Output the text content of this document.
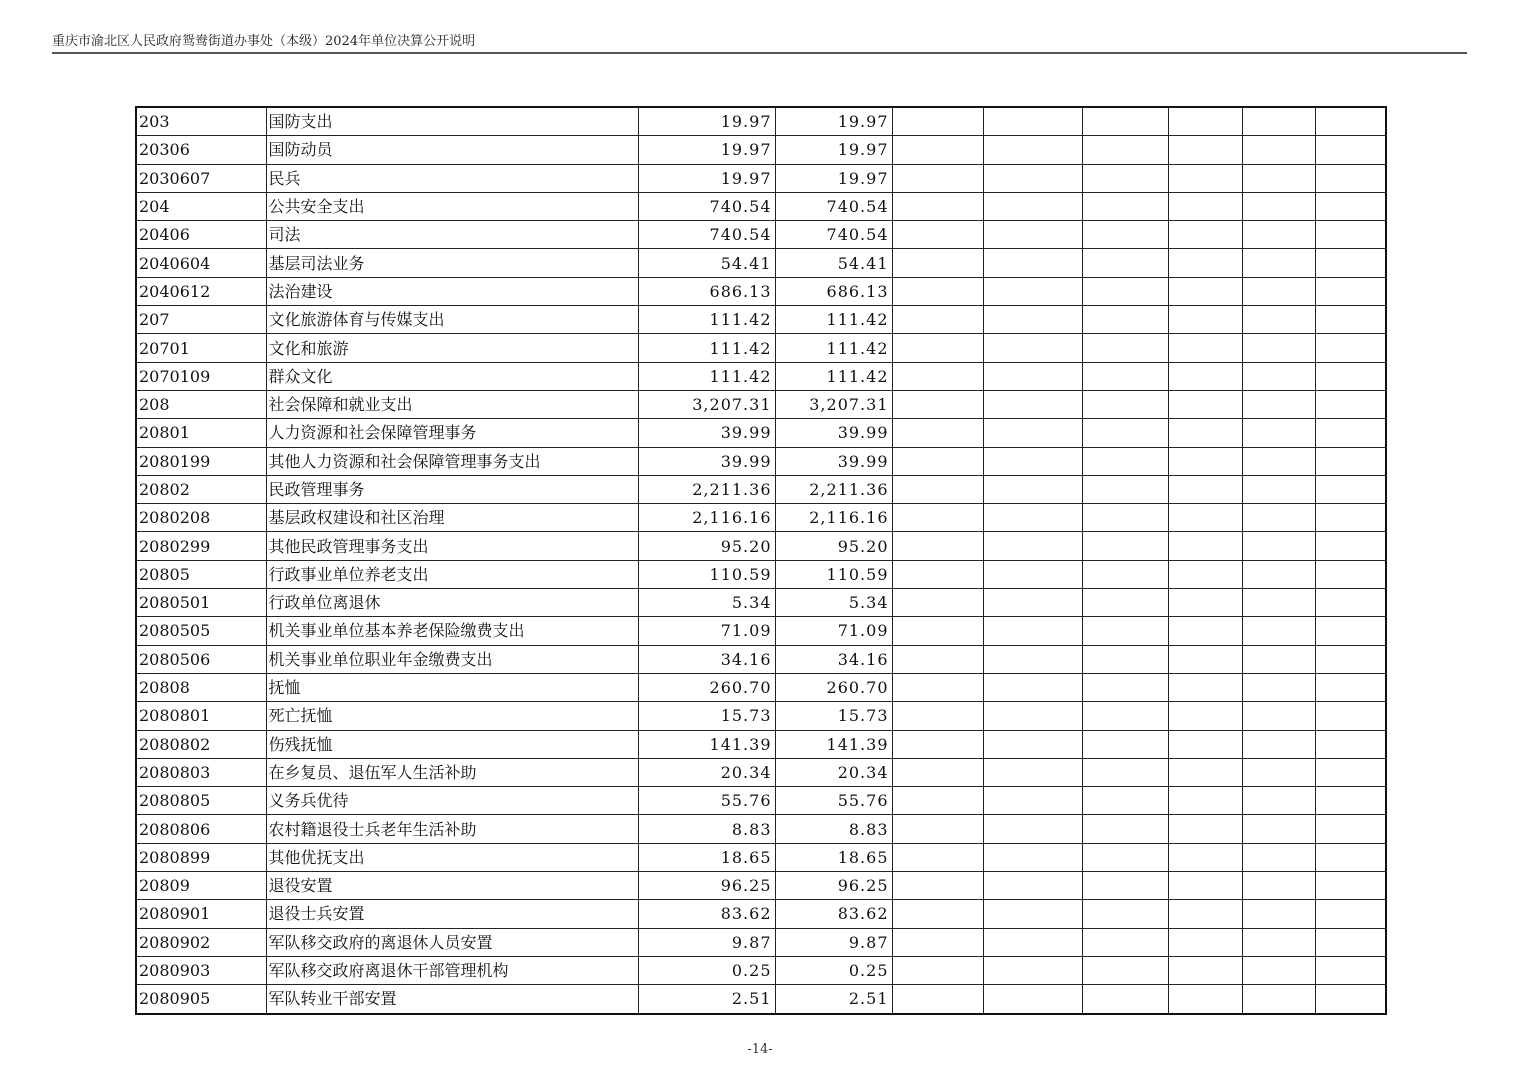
重庆市渝北区人民政府鸳鸯街道办事处（本级）2024年单位决算公开说明
203	国防支出	19.97	19.97						
20306	国防动员	19.97	19.97						
2030607	民兵	19.97	19.97						
204	公共安全支出	740.54	740.54						
20406	司法	740.54	740.54						
2040604	基层司法业务	54.41	54.41						
2040612	法治建设	686.13	686.13						
207	文化旅游体育与传媒支出	111.42	111.42						
20701	文化和旅游	111.42	111.42						
2070109	群众文化	111.42	111.42						
208	社会保障和就业支出	3,207.31	3,207.31						
20801	人力资源和社会保障管理事务	39.99	39.99						
2080199	其他人力资源和社会保障管理事务支出	39.99	39.99						
20802	民政管理事务	2,211.36	2,211.36						
2080208	基层政权建设和社区治理	2,116.16	2,116.16						
2080299	其他民政管理事务支出	95.20	95.20						
20805	行政事业单位养老支出	110.59	110.59						
2080501	行政单位离退休	5.34	5.34						
2080505	机关事业单位基本养老保险缴费支出	71.09	71.09						
2080506	机关事业单位职业年金缴费支出	34.16	34.16						
20808	抚恤	260.70	260.70						
2080801	死亡抚恤	15.73	15.73						
2080802	伤残抚恤	141.39	141.39						
2080803	在乡复员、退伍军人生活补助	20.34	20.34						
2080805	义务兵优待	55.76	55.76						
2080806	农村籍退役士兵老年生活补助	8.83	8.83						
2080899	其他优抚支出	18.65	18.65						
20809	退役安置	96.25	96.25						
2080901	退役士兵安置	83.62	83.62						
2080902	军队移交政府的离退休人员安置	9.87	9.87						
2080903	军队移交政府离退休干部管理机构	0.25	0.25						
2080905	军队转业干部安置	2.51	2.51						
-14-
